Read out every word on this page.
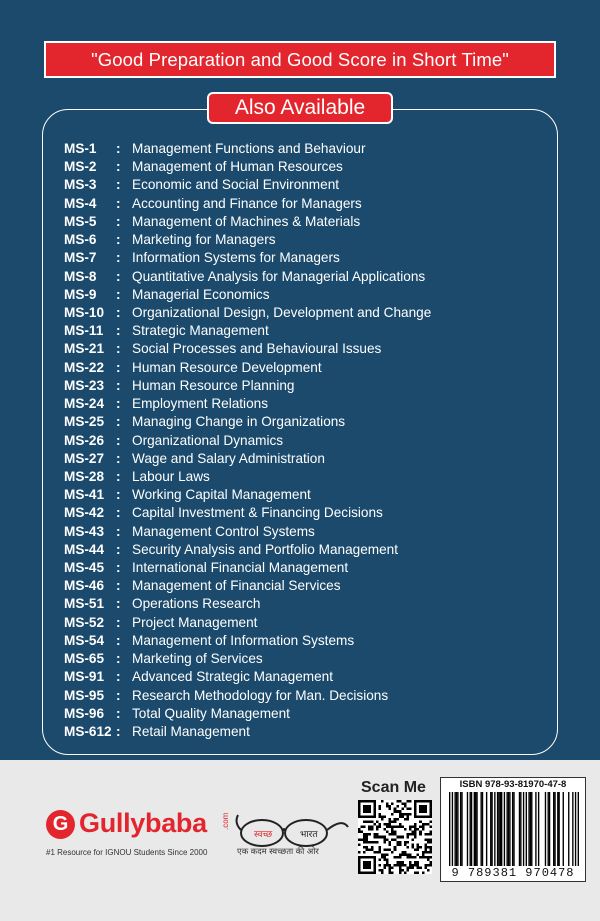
"Good Preparation and Good Score in Short Time"
Also Available
MS-1	: Management Functions and Behaviour
MS-2	: Management of Human Resources
MS-3	: Economic and Social Environment
MS-4	: Accounting and Finance for Managers
MS-5	: Management of Machines & Materials
MS-6	: Marketing for Managers
MS-7	: Information Systems for Managers
MS-8	: Quantitative Analysis for Managerial Applications
MS-9	: Managerial Economics
MS-10 : Organizational Design, Development and Change
MS-11 : Strategic Management
MS-21 : Social Processes and Behavioural Issues
MS-22 : Human Resource Development
MS-23 : Human Resource Planning
MS-24 : Employment Relations
MS-25 : Managing Change in Organizations
MS-26 : Organizational Dynamics
MS-27 : Wage and Salary Administration
MS-28 : Labour Laws
MS-41 : Working Capital Management
MS-42 : Capital Investment & Financing Decisions
MS-43 : Management Control Systems
MS-44 : Security Analysis and Portfolio Management
MS-45 : International Financial Management
MS-46 : Management of Financial Services
MS-51 : Operations Research
MS-52 : Project Management
MS-54 : Management of Information Systems
MS-65 : Marketing of Services
MS-91 : Advanced Strategic Management
MS-95 : Research Methodology for Man. Decisions
MS-96 : Total Quality Management
MS-612 : Retail Management
G Gullybaba .com
#1 Resource for IGNOU Students Since 2000
स्वच्छ	भारत
एक कदम स्वच्छता की ओर
Scan Me	ISBN 978-93-81970-47-8
9 789381 970478
